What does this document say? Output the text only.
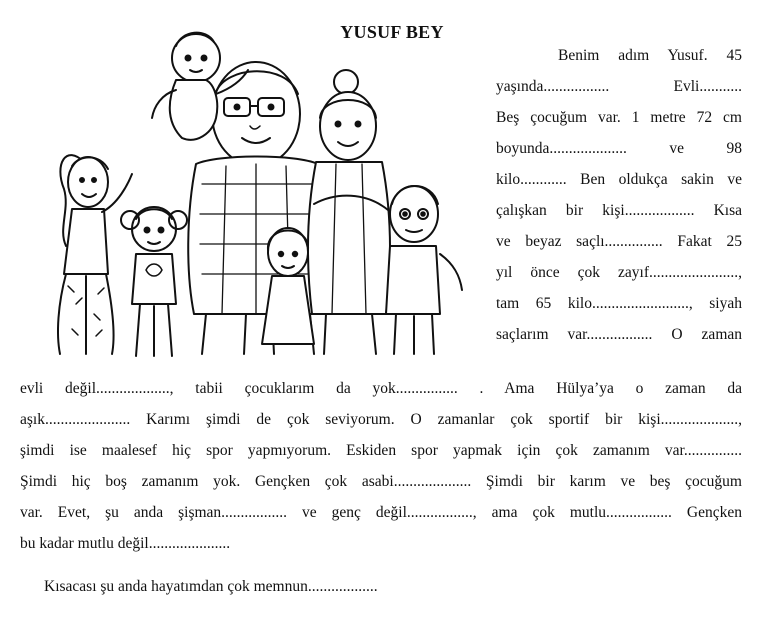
YUSUF BEY
Benim adım Yusuf. 45
yaşında................. Evli...........
Beş çocuğum var. 1 metre 72 cm
boyunda.................... ve 98
kilo............ Ben oldukça sakin ve
çalışkan bir kişi.................. Kısa
ve beyaz saçlı............... Fakat 25
yıl önce çok zayıf.......................,
tam 65 kilo........................., siyah
saçlarım var................. O zaman
evli değil..................., tabii çocuklarım da yok................ . Ama Hülya’ya o zaman da
aşık...................... Karımı şimdi de çok seviyorum. O zamanlar çok sportif bir kişi....................,
şimdi ise maalesef hiç spor yapmıyorum. Eskiden spor yapmak için çok zamanım var...............
Şimdi hiç boş zamanım yok. Gençken çok asabi.................... Şimdi bir karım ve beş çocuğum
var. Evet, şu anda şişman................. ve genç değil................., ama çok mutlu................. Gençken
bu kadar mutlu değil.....................
Kısacası şu anda hayatımdan çok memnun..................
